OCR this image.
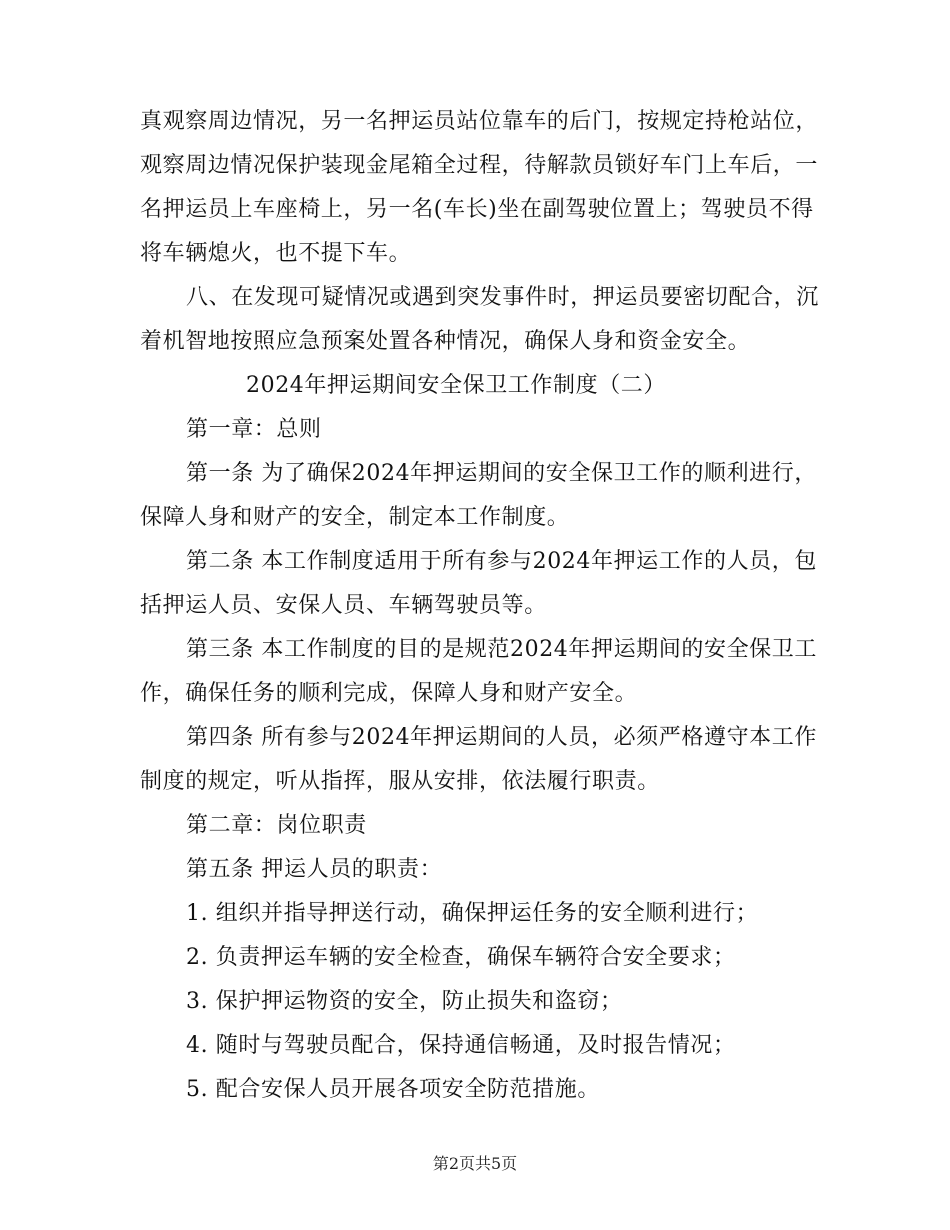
真观察周边情况，另一名押运员站位靠车的后门，按规定持枪站位，
观察周边情况保护装现金尾箱全过程，待解款员锁好车门上车后，一
名押运员上车座椅上，另一名(车长)坐在副驾驶位置上；驾驶员不得
将车辆熄火，也不提下车。
八、在发现可疑情况或遇到突发事件时，押运员要密切配合，沉
着机智地按照应急预案处置各种情况，确保人身和资金安全。
2024年押运期间安全保卫工作制度（二）
第一章：总则
第一条 为了确保2024年押运期间的安全保卫工作的顺利进行，
保障人身和财产的安全，制定本工作制度。
第二条 本工作制度适用于所有参与2024年押运工作的人员，包
括押运人员、安保人员、车辆驾驶员等。
第三条 本工作制度的目的是规范2024年押运期间的安全保卫工
作，确保任务的顺利完成，保障人身和财产安全。
第四条 所有参与2024年押运期间的人员，必须严格遵守本工作
制度的规定，听从指挥，服从安排，依法履行职责。
第二章：岗位职责
第五条 押运人员的职责：
1. 组织并指导押送行动，确保押运任务的安全顺利进行；
2. 负责押运车辆的安全检查，确保车辆符合安全要求；
3. 保护押运物资的安全，防止损失和盗窃；
4. 随时与驾驶员配合，保持通信畅通，及时报告情况；
5. 配合安保人员开展各项安全防范措施。
第2页共5页
